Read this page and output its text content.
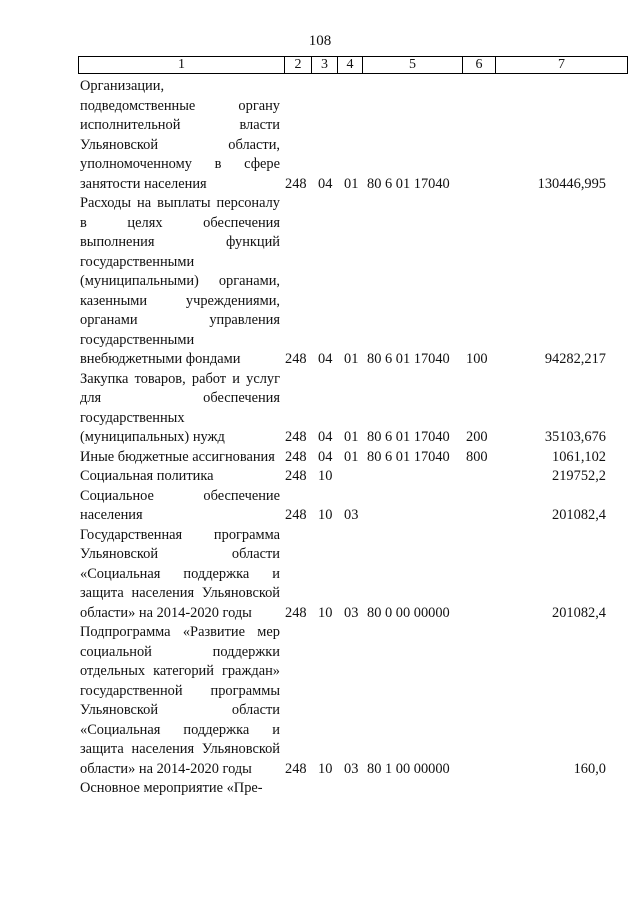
108
1	2	3	4	5	6	7
Организации, подведомственные органу исполнительной власти Ульяновской области, уполномоченному в сфере занятости населения	248 04 01 80 6 01 17040	130446,995
Расходы на выплаты персоналу в целях обеспечения выполнения функций государственными (муниципальными) органами, казенными учреждениями, органами управления государственными внебюджетными фондами	248 04 01 80 6 01 17040 100	94282,217
Закупка товаров, работ и услуг для обеспечения государственных (муниципальных) нужд	248 04 01 80 6 01 17040 200	35103,676
Иные бюджетные ассигнования 248 04 01 80 6 01 17040 800	1061,102
Социальная политика	248 10	219752,2
Социальное обеспечение населения	248 10 03	201082,4
Государственная программа Ульяновской области «Социальная поддержка и защита населения Ульяновской области» на 2014-2020 годы	248 10 03 80 0 00 00000	201082,4
Подпрограмма «Развитие мер социальной поддержки отдельных категорий граждан» государственной программы Ульяновской области «Социальная поддержка и защита населения Ульяновской области» на 2014-2020 годы	248 10 03 80 1 00 00000	160,0
Основное мероприятие «Пре-
